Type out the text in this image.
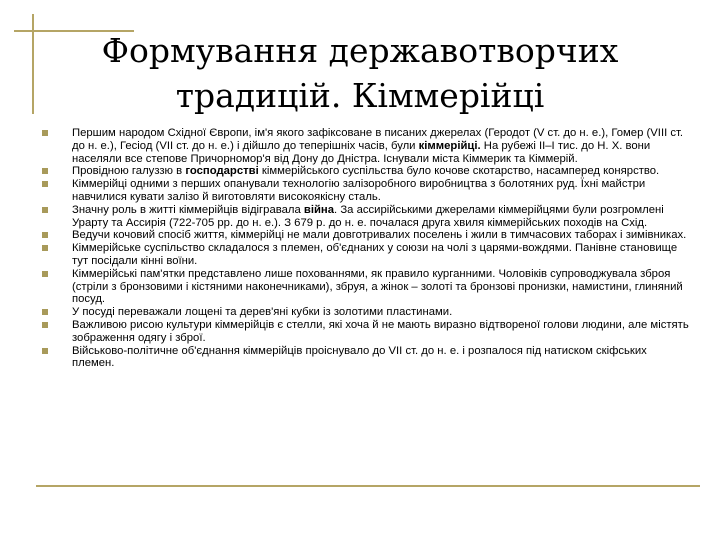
Формування державотворчих
традицій. Кіммерійці
Першим народом Східної Європи, ім'я якого зафіксоване в писаних джерелах (Геродот (V ст. до н. е.), Гомер (VIII ст. до н. е.), Гесіод (VII ст. до н. е.) і дійшло до теперішніх часів, були кіммерійці. На рубежі II–I тис. до Н. Х. вони населяли все степове Причорномор'я від Дону до Дністра. Існували міста Кіммерик та Кіммерій.
Провідною галуззю в господарстві кіммерійського суспільства було кочове скотарство, насамперед конярство.
Кіммерійці одними з перших опанували технологію залізоробного виробництва з болотяних руд. Їхні майстри навчилися кувати залізо й виготовляти високоякісну сталь.
Значну роль в житті кіммерійців відігравала війна. За ассирійськими джерелами кіммерійцями були розгромлені Урарту та Ассирія (722-705 рр. до н. е.). З 679 р. до н. е. почалася друга хвиля кіммерійських походів на Схід.
Ведучи кочовий спосіб життя, кіммерійці не мали довготривалих поселень і жили в тимчасових таборах і зимівниках.
Кіммерійське суспільство складалося з племен, об'єднаних у союзи на чолі з царями-вождями. Панівне становище тут посідали кінні воїни.
Кіммерійські пам'ятки представлено лише похованнями, як правило курганними. Чоловіків супроводжувала зброя (стріли з бронзовими і кістяними наконечниками), збруя, а жінок – золоті та бронзові пронизки, намистини, глиняний посуд.
У посуді переважали лощені та дерев'яні кубки із золотими пластинами.
Важливою рисою культури кіммерійців є стелли, які хоча й не мають виразно відтвореної голови людини, але містять зображення одягу і зброї.
Військово-політичне об'єднання кіммерійців проіснувало до VII ст. до н. е. і розпалося під натиском скіфських племен.
